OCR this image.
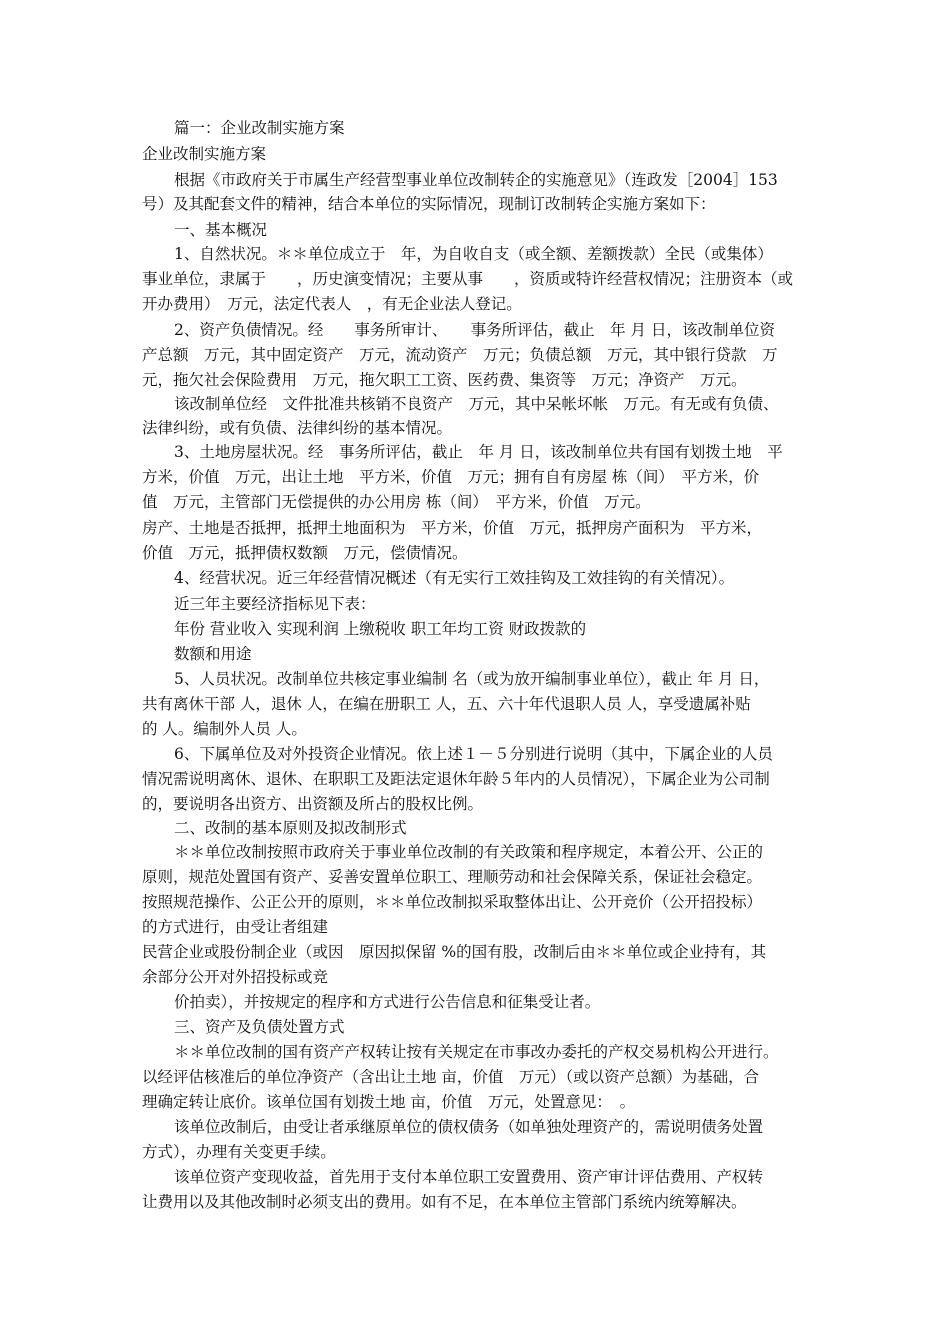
篇一：企业改制实施方案
企业改制实施方案
根据《市政府关于市属生产经营型事业单位改制转企的实施意见》（连政发［2004］153
号）及其配套文件的精神，结合本单位的实际情况，现制订改制转企实施方案如下：
一、基本概况
1、自然状况。＊＊单位成立于　年，为自收自支（或全额、差额拨款）全民（或集体）
事业单位，隶属于　　，历史演变情况；主要从事　　，资质或特许经营权情况；注册资本（或
开办费用）　万元，法定代表人　，有无企业法人登记。
2、资产负债情况。经　　事务所审计、　　事务所评估，截止　年 月 日，该改制单位资
产总额　万元，其中固定资产　万元，流动资产　万元；负债总额　万元，其中银行贷款　万
元，拖欠社会保险费用　万元，拖欠职工工资、医药费、集资等　万元；净资产　万元。
该改制单位经　文件批准共核销不良资产　万元，其中呆帐坏帐　万元。有无或有负债、
法律纠纷，或有负债、法律纠纷的基本情况。
3、土地房屋状况。经　事务所评估，截止　年 月 日，该改制单位共有国有划拨土地　平
方米，价值　万元，出让土地　平方米，价值　万元；拥有自有房屋 栋（间）　平方米，价
值　万元，主管部门无偿提供的办公用房 栋（间）　平方米，价值　万元。
房产、土地是否抵押，抵押土地面积为　平方米，价值　万元，抵押房产面积为　平方米，
价值　万元，抵押债权数额　万元，偿债情况。
4、经营状况。近三年经营情况概述（有无实行工效挂钩及工效挂钩的有关情况）。
近三年主要经济指标见下表：
年份 营业收入 实现利润 上缴税收 职工年均工资 财政拨款的
数额和用途
5、人员状况。改制单位共核定事业编制 名（或为放开编制事业单位），截止 年 月 日，
共有离休干部 人，退休 人，在编在册职工 人，五、六十年代退职人员 人，享受遗属补贴
的 人。编制外人员 人。
6、下属单位及对外投资企业情况。依上述１－５分别进行说明（其中，下属企业的人员
情况需说明离休、退休、在职职工及距法定退休年龄５年内的人员情况），下属企业为公司制
的，要说明各出资方、出资额及所占的股权比例。
二、改制的基本原则及拟改制形式
＊＊单位改制按照市政府关于事业单位改制的有关政策和程序规定，本着公开、公正的
原则，规范处置国有资产、妥善安置单位职工、理顺劳动和社会保障关系，保证社会稳定。
按照规范操作、公正公开的原则，＊＊单位改制拟采取整体出让、公开竞价（公开招投标）
的方式进行，由受让者组建
民营企业或股份制企业（或因　原因拟保留 %的国有股，改制后由＊＊单位或企业持有，其
余部分公开对外招投标或竞
价拍卖），并按规定的程序和方式进行公告信息和征集受让者。
三、资产及负债处置方式
＊＊单位改制的国有资产产权转让按有关规定在市事改办委托的产权交易机构公开进行。
以经评估核准后的单位净资产（含出让土地 亩，价值　万元）（或以资产总额）为基础，合
理确定转让底价。该单位国有划拨土地 亩，价值　万元，处置意见：　。
该单位改制后，由受让者承继原单位的债权债务（如单独处理资产的，需说明债务处置
方式），办理有关变更手续。
该单位资产变现收益，首先用于支付本单位职工安置费用、资产审计评估费用、产权转
让费用以及其他改制时必须支出的费用。如有不足，在本单位主管部门系统内统筹解决。
